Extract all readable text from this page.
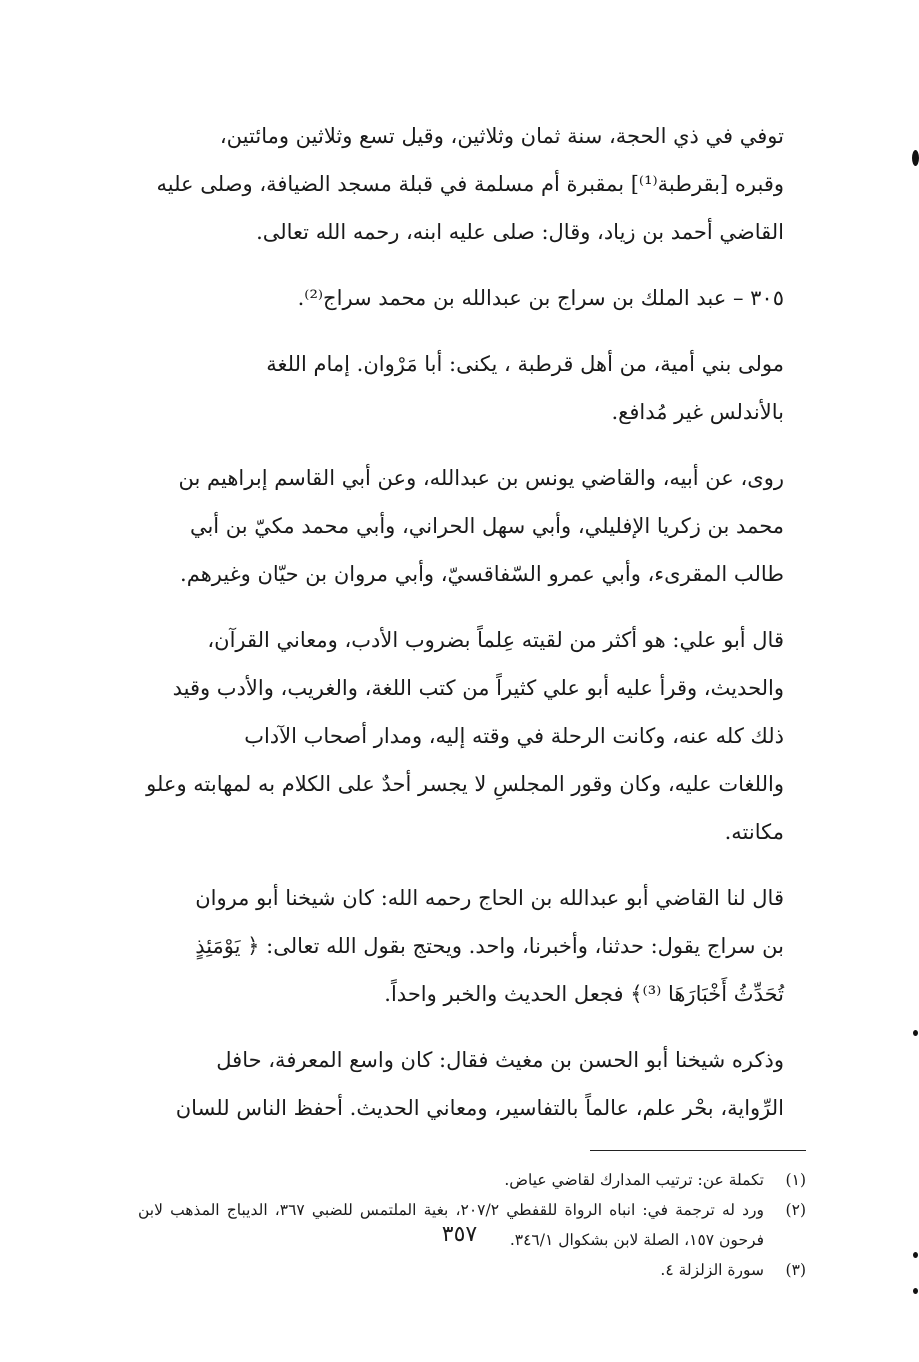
توفي في ذي الحجة، سنة ثمان وثلاثين، وقيل تسع وثلاثين ومائتين،
وقبره [بقرطبة⁽¹⁾] بمقبرة أم مسلمة في قبلة مسجد الضيافة، وصلى عليه
القاضي أحمد بن زياد، وقال: صلى عليه ابنه، رحمه الله تعالى.

٣٠٥ – عبد الملك بن سراج بن عبدالله بن محمد سراج⁽²⁾.

مولى بني أمية، من أهل قرطبة ، يكنى: أبا مَرْوان. إمام اللغة
بالأندلس غير مُدافع.

روى، عن أبيه، والقاضي يونس بن عبدالله، وعن أبي القاسم إبراهيم بن
محمد بن زكريا الإفليلي، وأبي سهل الحراني، وأبي محمد مكيّ بن أبي
طالب المقرىء، وأبي عمرو السّفاقسيّ، وأبي مروان بن حيّان وغيرهم.

قال أبو علي: هو أكثر من لقيته عِلماً بضروب الأدب، ومعاني القرآن،
والحديث، وقرأ عليه أبو علي كثيراً من كتب اللغة، والغريب، والأدب وقيد
ذلك كله عنه، وكانت الرحلة في وقته إليه، ومدار أصحاب الآداب
واللغات عليه، وكان وقور المجلسِ لا يجسر أحدٌ على الكلام به لمهابته وعلو
مكانته.

قال لنا القاضي أبو عبدالله بن الحاج رحمه الله: كان شيخنا أبو مروان
بن سراج يقول: حدثنا، وأخبرنا، واحد. ويحتج بقول الله تعالى: ﴿ يَوْمَئِذٍ
تُحَدِّثُ أَخْبَارَهَا ⁽³⁾﴾ فجعل الحديث والخبر واحداً.

وذكره شيخنا أبو الحسن بن مغيث فقال: كان واسع المعرفة، حافل
الرِّواية، بحْر علم، عالماً بالتفاسير، ومعاني الحديث. أحفظ الناس للسان

(١)
تكملة عن: ترتيب المدارك لقاضي عياض.
(٢)
ورد له ترجمة في: انباه الرواة للقفطي ٢٠٧/٢، بغية الملتمس للضبي ٣٦٧، الديباج المذهب لابن فرحون ١٥٧، الصلة لابن بشكوال ٣٤٦/١.
(٣)
سورة الزلزلة ٤.
٣٥٧
